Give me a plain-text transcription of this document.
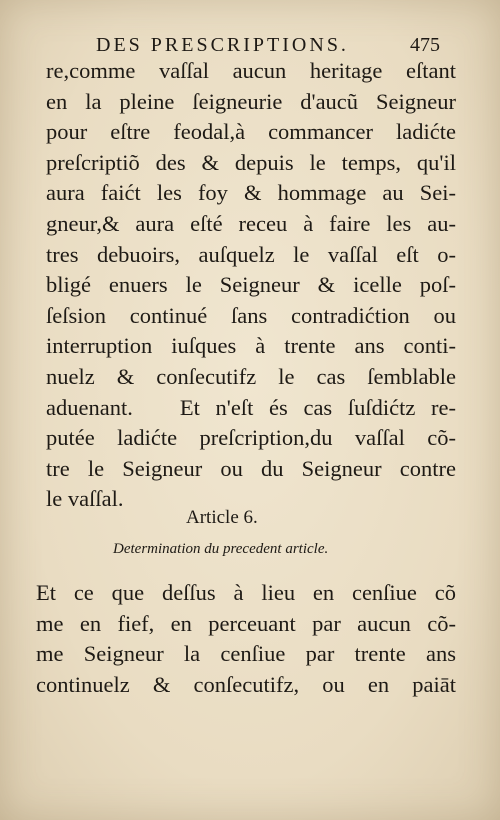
DES PRESCRIPTIONS.	475
re,comme vaſſal aucun heritage eſtant
en la pleine ſeigneurie d'aucũ Seigneur
pour eſtre feodal,à commancer ladićte
preſcriptiõ des & depuis le temps, qu'il
aura faićt les foy & hommage au Sei-
gneur,& aura eſté receu à faire les au-
tres debuoirs, auſquelz le vaſſal eſt o-
bligé enuers le Seigneur & icelle poſ-
ſeſsion continué ſans contradićtion ou
interruption iuſques à trente ans conti-
nuelz & conſecutifz le cas ſemblable
aduenant.   Et n'eſt és cas ſuſdićtz re-
putée ladićte preſcription,du vaſſal cõ-
tre le Seigneur ou du Seigneur contre
le vaſſal.
Article 6.
Determination du precedent article.
Et ce que deſſus à lieu en cenſiue cõ
me en fief, en perceuant par aucun cõ-
me Seigneur la cenſiue par trente ans
continuelz & conſecutifz, ou en paiāt
